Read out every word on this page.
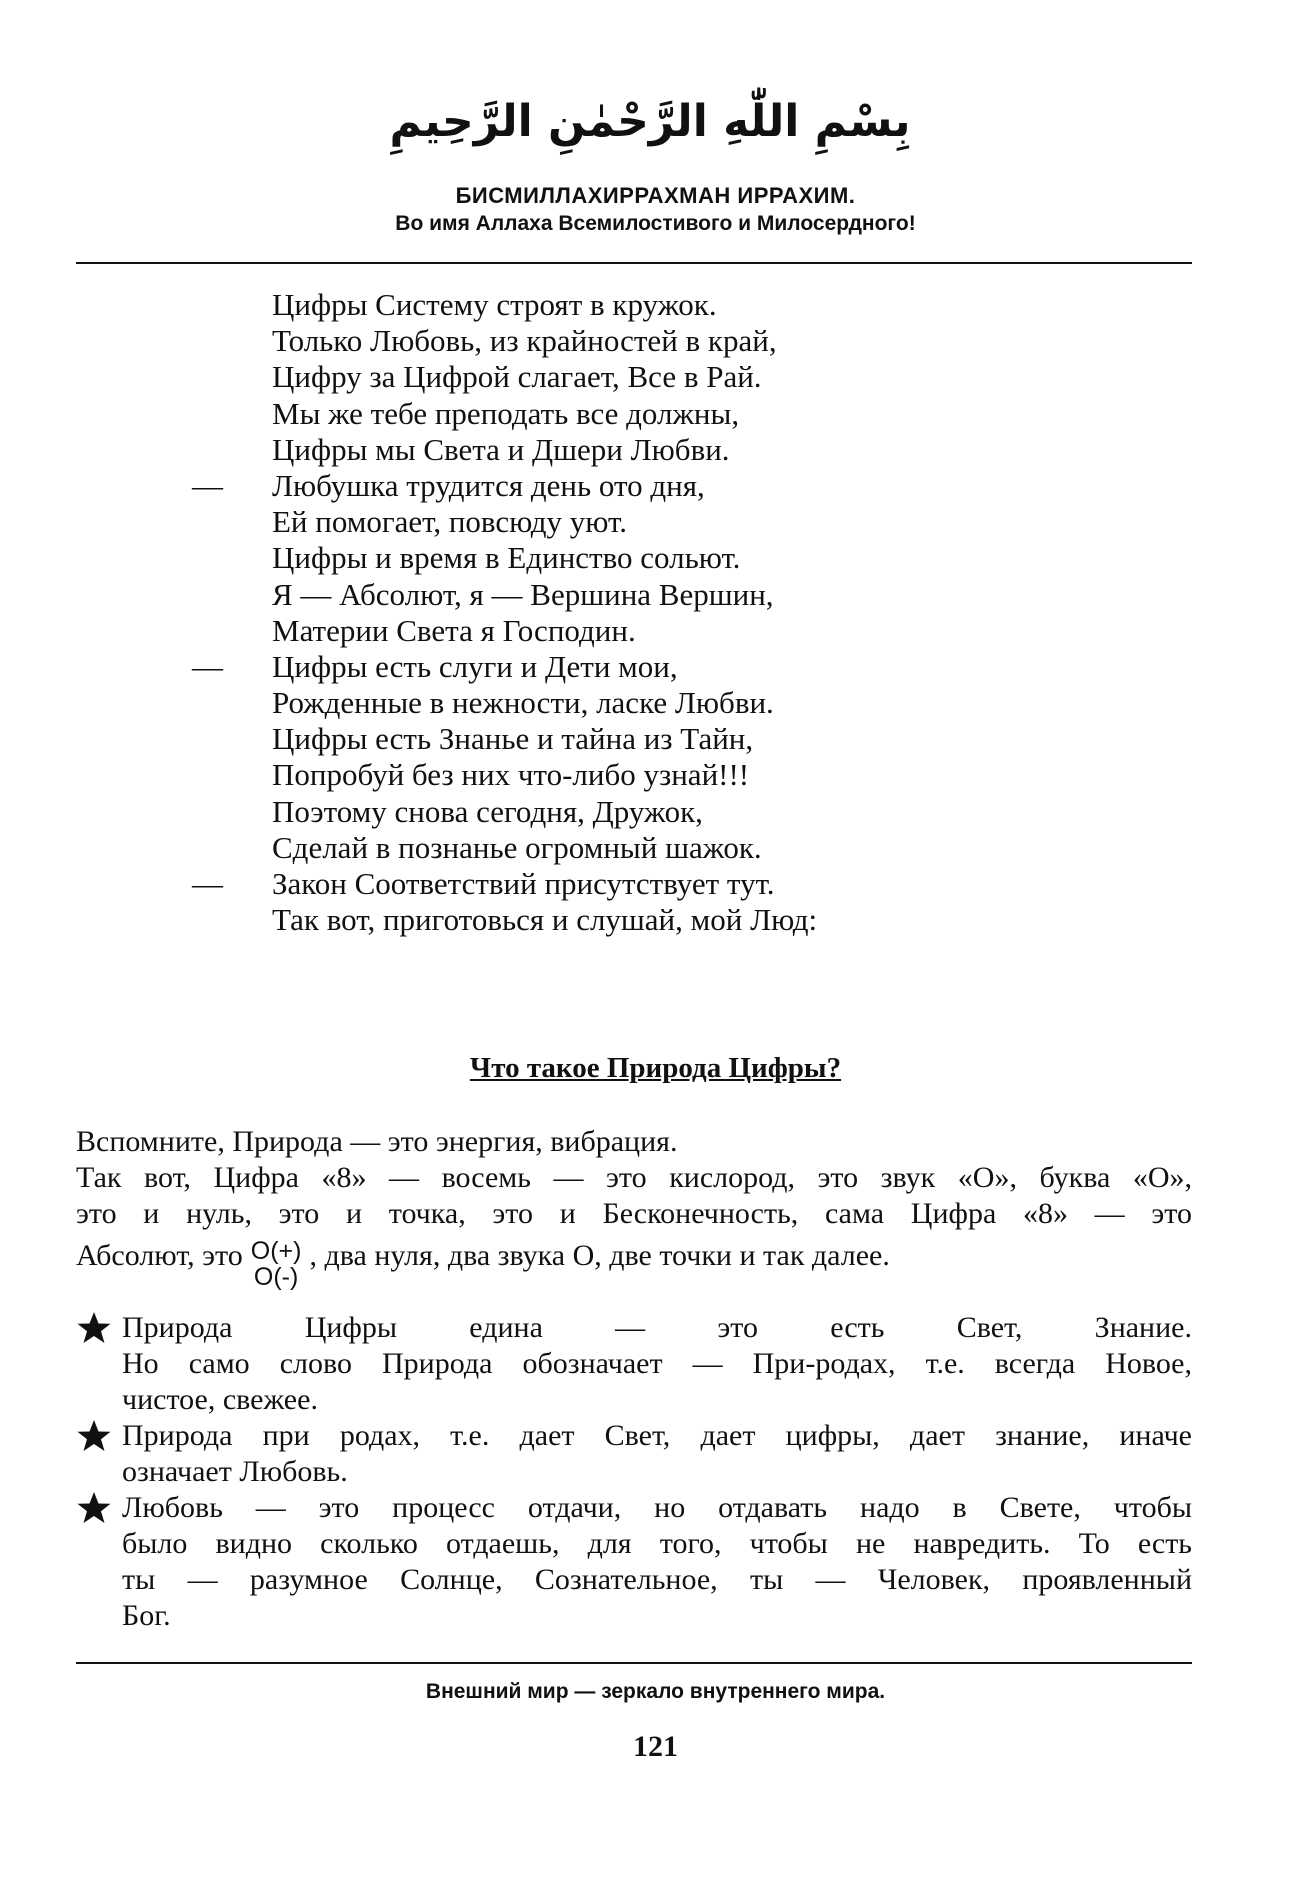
بِسْمِ اللّٰهِ الرَّحْمٰنِ الرَّحِيمِ
БИСМИЛЛАХИРРАХМАН ИРРАХИМ.
Во имя Аллаха Всемилостивого и Милосердного!
Цифры Систему строят в кружок.
Только Любовь, из крайностей в край,
Цифру за Цифрой слагает, Все в Рай.
Мы же тебе преподать все должны,
Цифры мы Света и Дшери Любви.
— Любушка трудится день ото дня,
Ей помогает, повсюду уют.
Цифры и время в Единство сольют.
Я — Абсолют, я — Вершина Вершин,
Материи Света я Господин.
— Цифры есть слуги и Дети мои,
Рожденные в нежности, ласке Любви.
Цифры есть Знанье и тайна из Тайн,
Попробуй без них что-либо узнай!!!
Поэтому снова сегодня, Дружок,
Сделай в познанье огромный шажок.
— Закон Соответствий присутствует тут.
Так вот, приготовься и слушай, мой Люд:
Что такое Природа Цифры?
Вспомните, Природа — это энергия, вибрация.
Так вот, Цифра «8» — восемь — это кислород, это звук «О», буква «О»,
это и нуль, это и точка, это и Бесконечность, сама Цифра «8» — это
Абсолют, это О(+)
О(-)
, два нуля, два звука О, две точки и так далее.
Природа Цифры едина — это есть Свет, Знание.
Но само слово Природа обозначает — При-родах, т.е. всегда Новое,
чистое, свежее.
Природа при родах, т.е. дает Свет, дает цифры, дает знание, иначе
означает Любовь.
Любовь — это процесс отдачи, но отдавать надо в Свете, чтобы
было видно сколько отдаешь, для того, чтобы не навредить. То есть
ты — разумное Солнце, Сознательное, ты — Человек, проявленный
Бог.
Внешний мир — зеркало внутреннего мира.
121
